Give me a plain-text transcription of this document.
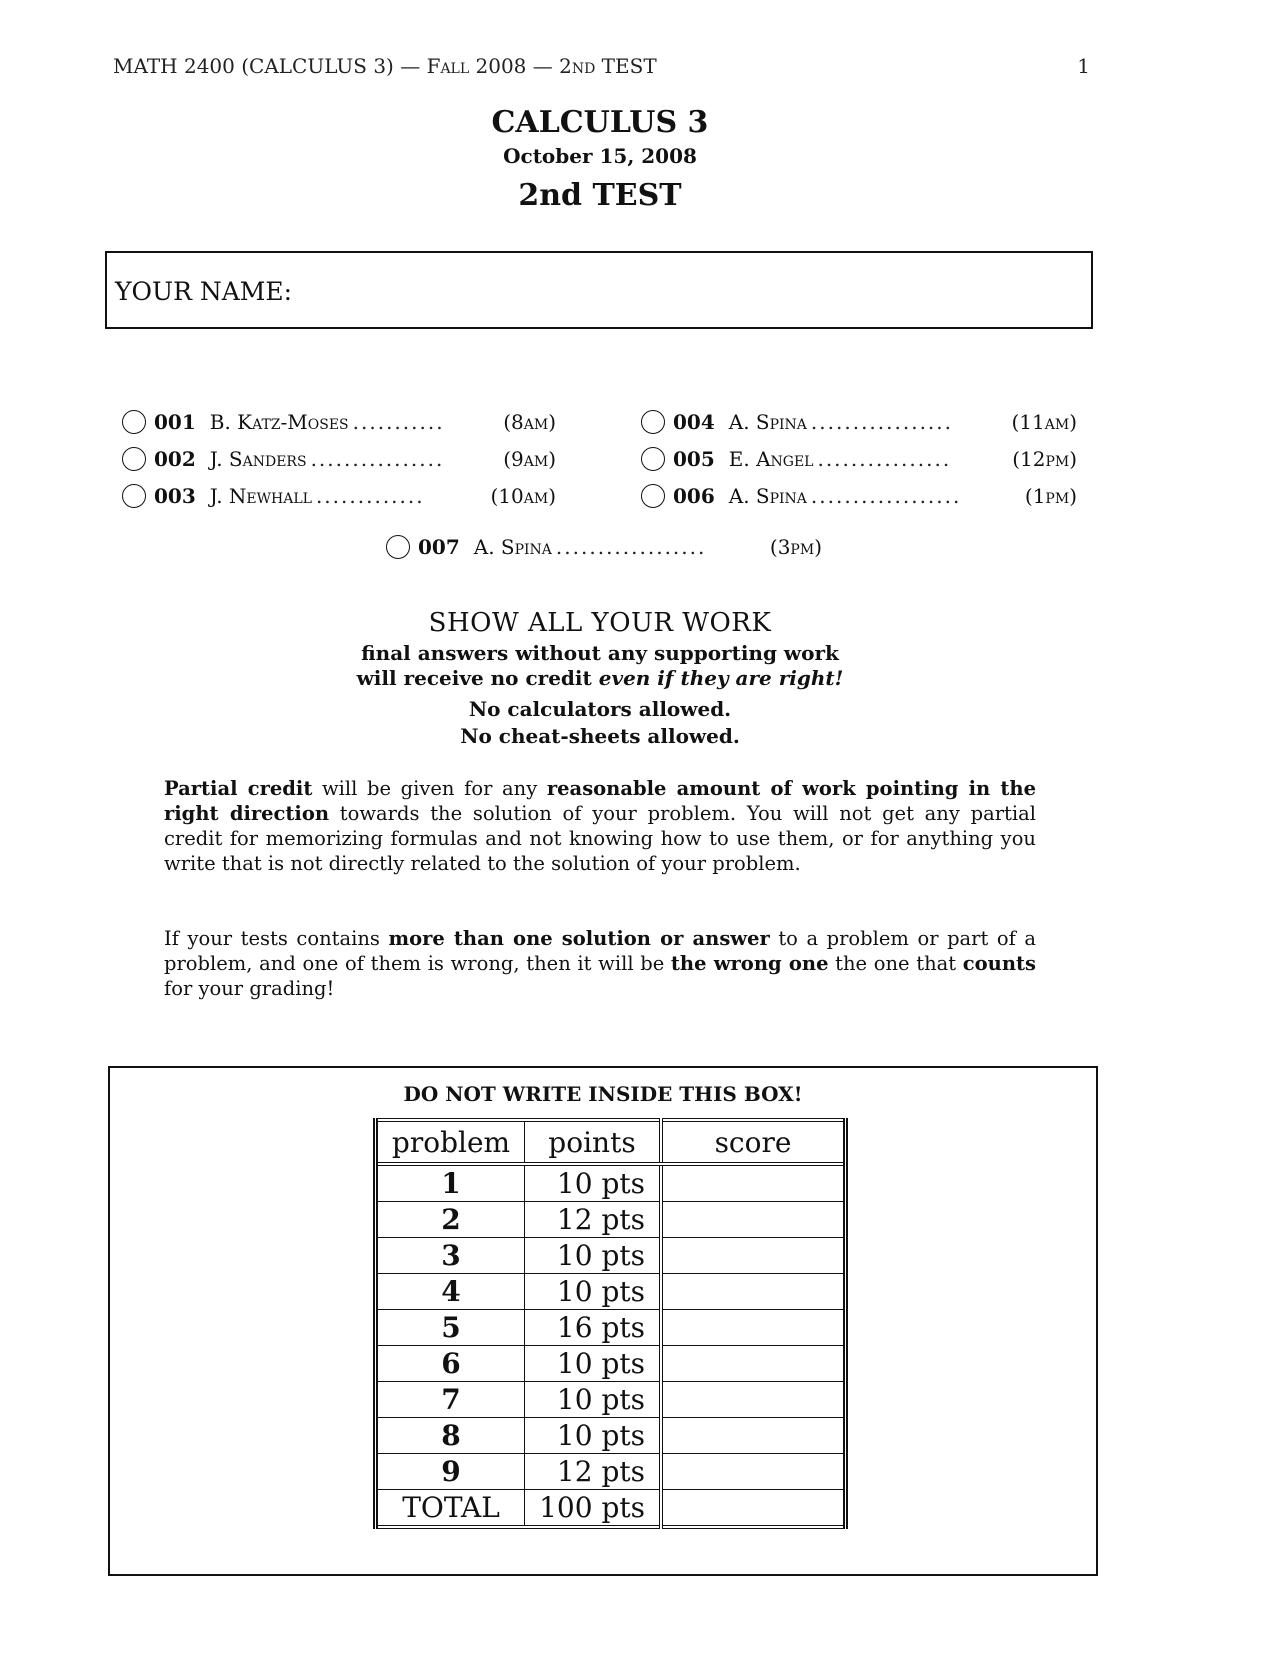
MATH 2400 (CALCULUS 3) — Fall 2008 — 2nd TEST	1
CALCULUS 3
October 15, 2008
2nd TEST
YOUR NAME:
001 B. Katz-Moses ...........	(8am)
002 J. Sanders ................	(9am)
003 J. Newhall .............	(10am)
004 A. Spina .................	(11am)
005 E. Angel ................	(12pm)
006 A. Spina ..................	(1pm)
007 A. Spina ..................	(3pm)
SHOW ALL YOUR WORK
final answers without any supporting work
will receive no credit even if they are right!
No calculators allowed.
No cheat-sheets allowed.
Partial credit will be given for any reasonable amount of work pointing in the right direction towards the solution of your problem. You will not get any partial credit for memorizing formulas and not knowing how to use them, or for anything you write that is not directly related to the solution of your problem.
If your tests contains more than one solution or answer to a problem or part of a problem, and one of them is wrong, then it will be the wrong one the one that counts for your grading!
DO NOT WRITE INSIDE THIS BOX!
problem	points	score
1	10 pts	
2	12 pts	
3	10 pts	
4	10 pts	
5	16 pts	
6	10 pts	
7	10 pts	
8	10 pts	
9	12 pts	
TOTAL	100 pts	
